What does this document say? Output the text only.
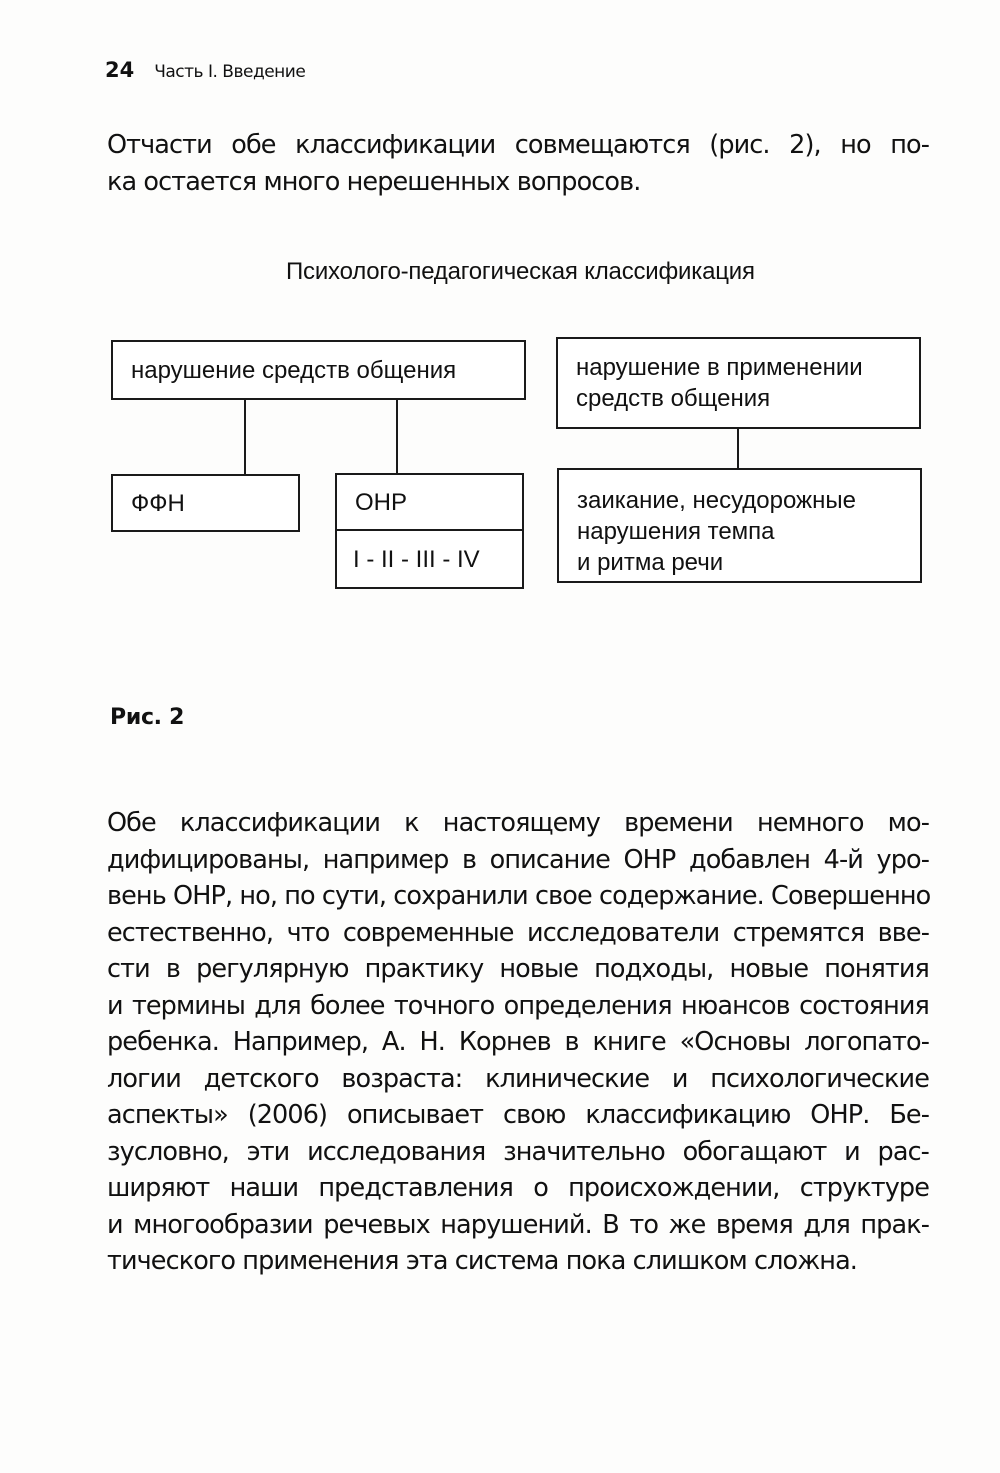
24 Часть I. Введение

Отчасти обе классификации совмещаются (рис. 2), но по-
ка остается много нерешенных вопросов.

Психолого-педагогическая классификация
нарушение средств общения	нарушение в применении
средств общения
ФФН	ОНР
I - II - III - IV
заикание, несудорожные
нарушения темпа
и ритма речи
Рис. 2

Обе классификации к настоящему времени немного мо-
дифицированы, например в описание ОНР добавлен 4-й уро-
вень ОНР, но, по сути, сохранили свое содержание. Совершенно
естественно, что современные исследователи стремятся вве-
сти в регулярную практику новые подходы, новые понятия
и термины для более точного определения нюансов состояния
ребенка. Например, А. Н. Корнев в книге «Основы логопато-
логии детского возраста: клинические и психологические
аспекты» (2006) описывает свою классификацию ОНР. Бе-
зусловно, эти исследования значительно обогащают и рас-
ширяют наши представления о происхождении, структуре
и многообразии речевых нарушений. В то же время для прак-
тического применения эта система пока слишком сложна.
